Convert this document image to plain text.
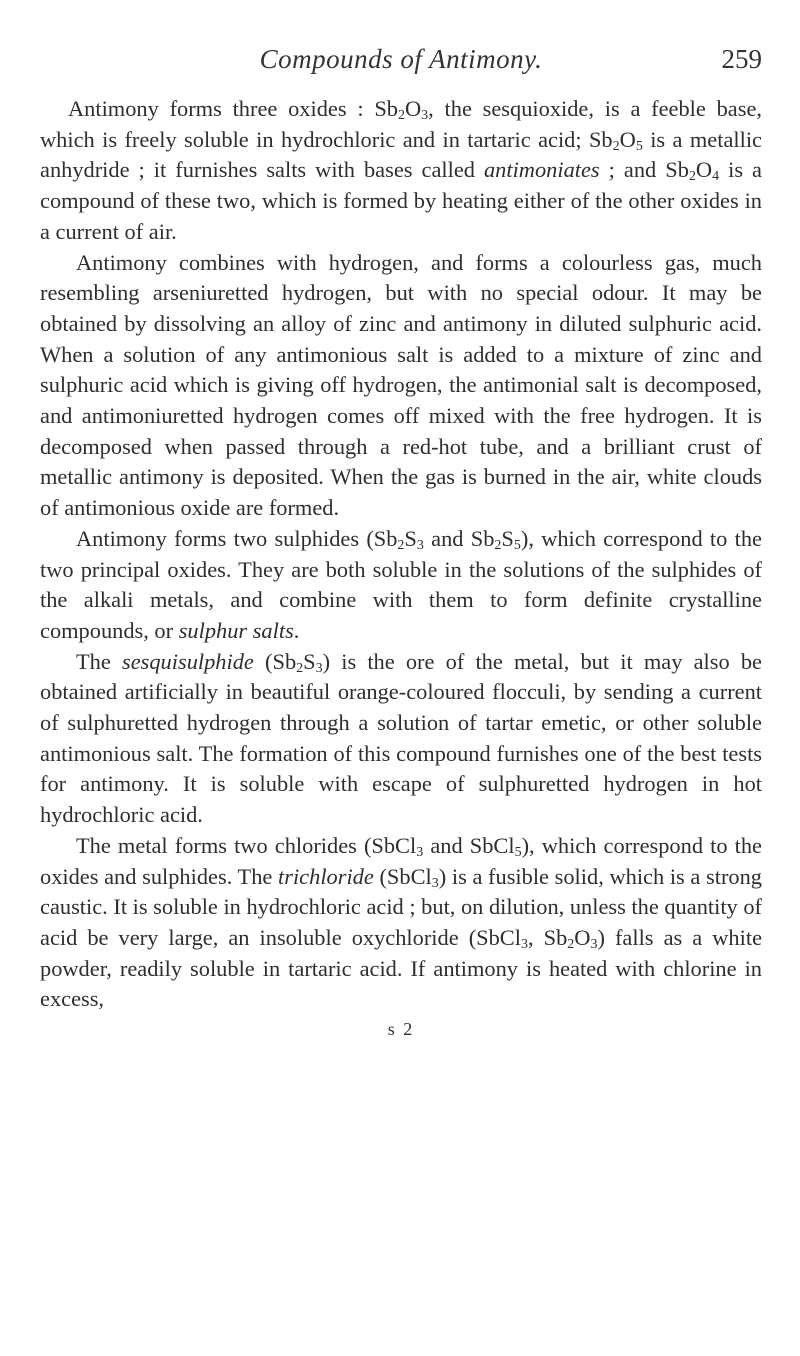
Compounds of Antimony.	259

Antimony forms three oxides : $Sb_2O_3$, the sesquioxide, is a feeble base, which is freely soluble in hydrochloric and in tartaric acid; $Sb_2O_5$ is a metallic anhydride ; it furnishes salts with bases called antimoniates ; and $Sb_2O_4$ is a compound of these two, which is formed by heating either of the other oxides in a current of air.

Antimony combines with hydrogen, and forms a colourless gas, much resembling arseniuretted hydrogen, but with no special odour. It may be obtained by dissolving an alloy of zinc and antimony in diluted sulphuric acid. When a solution of any antimonious salt is added to a mixture of zinc and sulphuric acid which is giving off hydrogen, the antimonial salt is decomposed, and antimoniuretted hydrogen comes off mixed with the free hydrogen. It is decomposed when passed through a red-hot tube, and a brilliant crust of metallic antimony is deposited. When the gas is burned in the air, white clouds of antimonious oxide are formed.

Antimony forms two sulphides ($Sb_2S_3$ and $Sb_2S_5$), which correspond to the two principal oxides. They are both soluble in the solutions of the sulphides of the alkali metals, and combine with them to form definite crystalline compounds, or sulphur salts.

The sesquisulphide $(Sb_2S_3)$ is the ore of the metal, but it may also be obtained artificially in beautiful orange-coloured flocculi, by sending a current of sulphuretted hydrogen through a solution of tartar emetic, or other soluble antimonious salt. The formation of this compound furnishes one of the best tests for antimony. It is soluble with escape of sulphuretted hydrogen in hot hydrochloric acid.

The metal forms two chlorides (SbCl$_3$ and SbCl$_5$), which correspond to the oxides and sulphides. The trichloride (SbCl$_3$) is a fusible solid, which is a strong caustic. It is soluble in hydrochloric acid ; but, on dilution, unless the quantity of acid be very large, an insoluble oxychloride (SbCl$_3$, $Sb_2O_3$) falls as a white powder, readily soluble in tartaric acid. If antimony is heated with chlorine in excess,

s 2
